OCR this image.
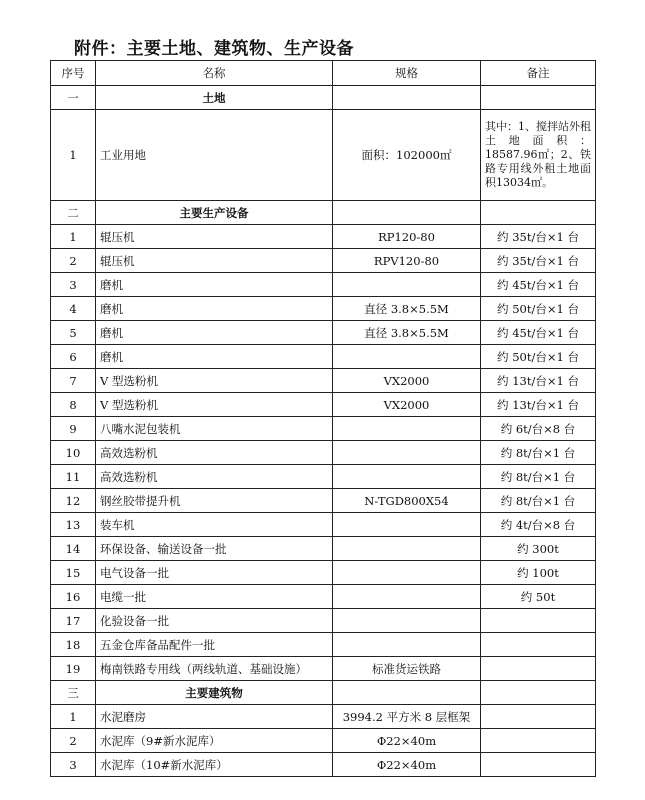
附件：主要土地、建筑物、生产设备
序号	名称	规格	备注
一	土地		
1	工业用地	面积：102000㎡	其中：1、搅拌站外租土地面积：18587.96㎡；2、铁路专用线外租土地面积13034㎡。
二	主要生产设备		
1	辊压机	RP120-80	约 35t/台×1 台
2	辊压机	RPV120-80	约 35t/台×1 台
3	磨机		约 45t/台×1 台
4	磨机	直径 3.8×5.5M	约 50t/台×1 台
5	磨机	直径 3.8×5.5M	约 45t/台×1 台
6	磨机		约 50t/台×1 台
7	V 型选粉机	VX2000	约 13t/台×1 台
8	V 型选粉机	VX2000	约 13t/台×1 台
9	八嘴水泥包装机		约 6t/台×8 台
10	高效选粉机		约 8t/台×1 台
11	高效选粉机		约 8t/台×1 台
12	钢丝胶带提升机	N-TGD800X54	约 8t/台×1 台
13	装车机		约 4t/台×8 台
14	环保设备、输送设备一批		约 300t
15	电气设备一批		约 100t
16	电缆一批		约 50t
17	化验设备一批		
18	五金仓库备品配件一批		
19	梅南铁路专用线（两线轨道、基础设施）	标准货运铁路	
三	主要建筑物		
1	水泥磨房	3994.2 平方米 8 层框架	
2	水泥库（9#新水泥库）	Φ22×40m	
3	水泥库（10#新水泥库）	Φ22×40m	
